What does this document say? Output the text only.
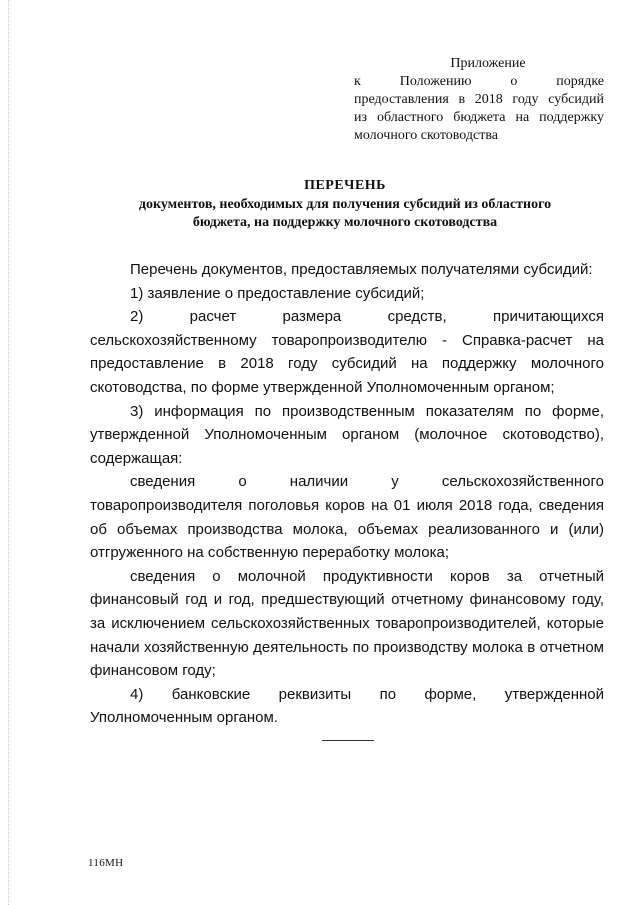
Приложение
к Положению о порядке
предоставления в 2018 году субсидий
из областного бюджета на поддержку
молочного скотоводства
ПЕРЕЧЕНЬ
документов, необходимых для получения субсидий из областного бюджета, на поддержку молочного скотоводства

Перечень документов, предоставляемых получателями субсидий:

1) заявление о предоставление субсидий;

2) расчет размера средств, причитающихся сельскохозяйственному товаропроизводителю - Справка-расчет на предоставление в 2018 году субсидий на поддержку молочного скотоводства, по форме утвержденной Уполномоченным органом;

3) информация по производственным показателям по форме, утвержденной Уполномоченным органом (молочное скотоводство), содержащая:

сведения о наличии у сельскохозяйственного товаропроизводителя поголовья коров на 01 июля 2018 года, сведения об объемах производства молока, объемах реализованного и (или) отгруженного на собственную переработку молока;

сведения о молочной продуктивности коров за отчетный финансовый год и год, предшествующий отчетному финансовому году, за исключением сельскохозяйственных товаропроизводителей, которые начали хозяйственную деятельность по производству молока в отчетном финансовом году;

4) банковские реквизиты по форме, утвержденной Уполномоченным органом.

116МН
